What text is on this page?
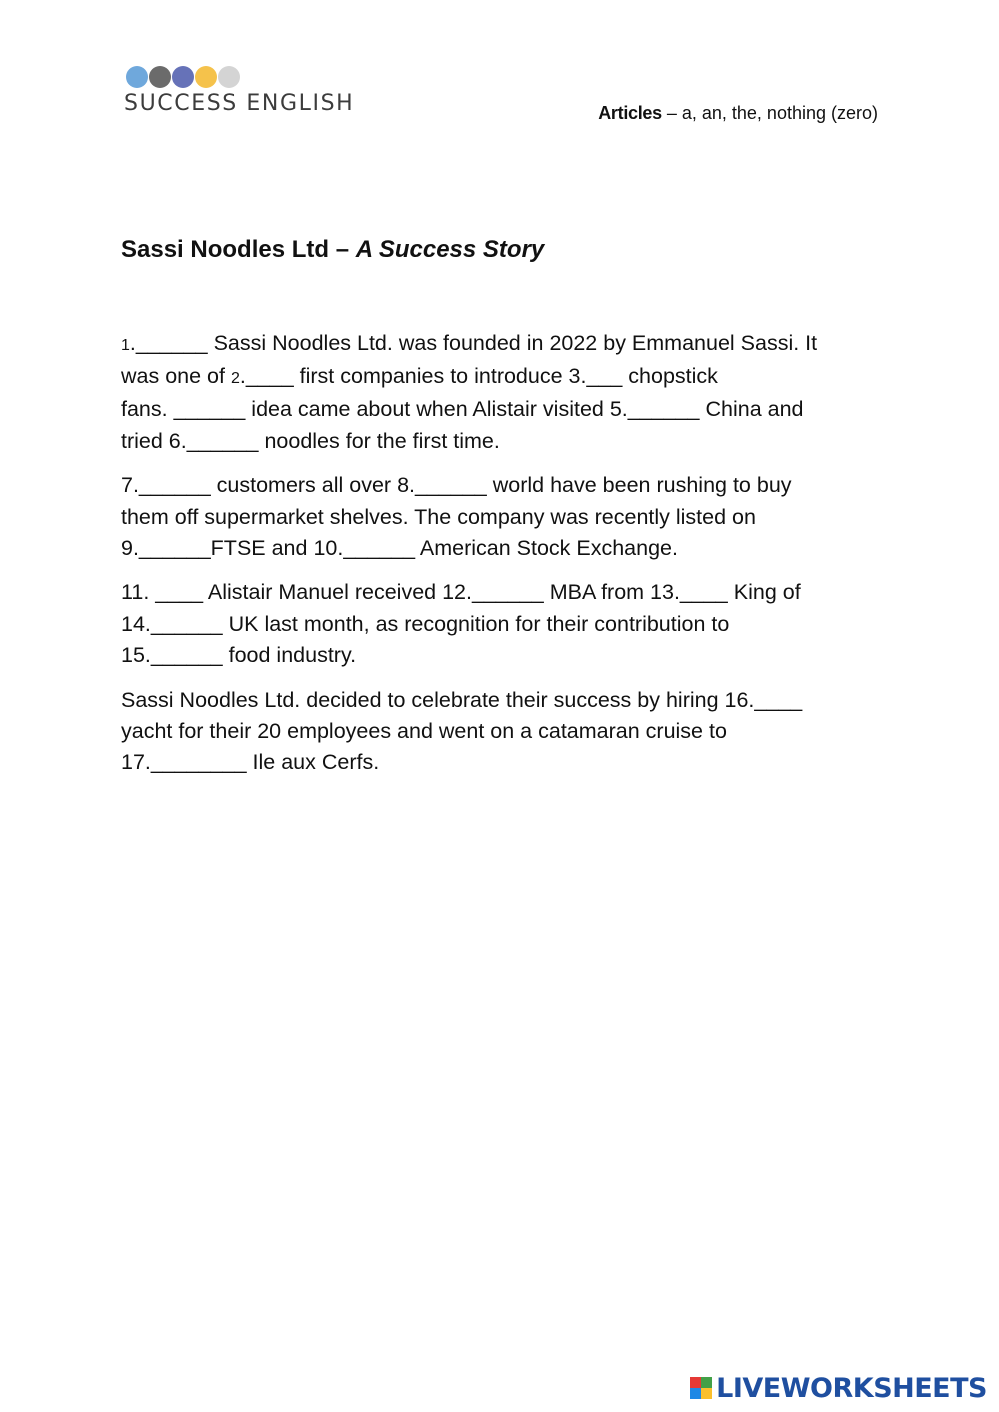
SUCCESS ENGLISH	Articles – a, an, the, nothing (zero)
Sassi Noodles Ltd – A Success Story

1.______ Sassi Noodles Ltd. was founded in 2022 by Emmanuel Sassi. It
was one of 2.____ first companies to introduce 3.___ chopstick
fans. ______ idea came about when Alistair visited 5.______ China and
tried 6.______ noodles for the first time.

7.______ customers all over 8.______ world have been rushing to buy
them off supermarket shelves. The company was recently listed on
9.______FTSE and 10.______ American Stock Exchange.

11. ____ Alistair Manuel received 12.______ MBA from 13.____ King of
14.______ UK last month, as recognition for their contribution to
15.______ food industry.

Sassi Noodles Ltd. decided to celebrate their success by hiring 16.____
yacht for their 20 employees and went on a catamaran cruise to
17.________ Ile aux Cerfs.

LIVEWORKSHEETS
